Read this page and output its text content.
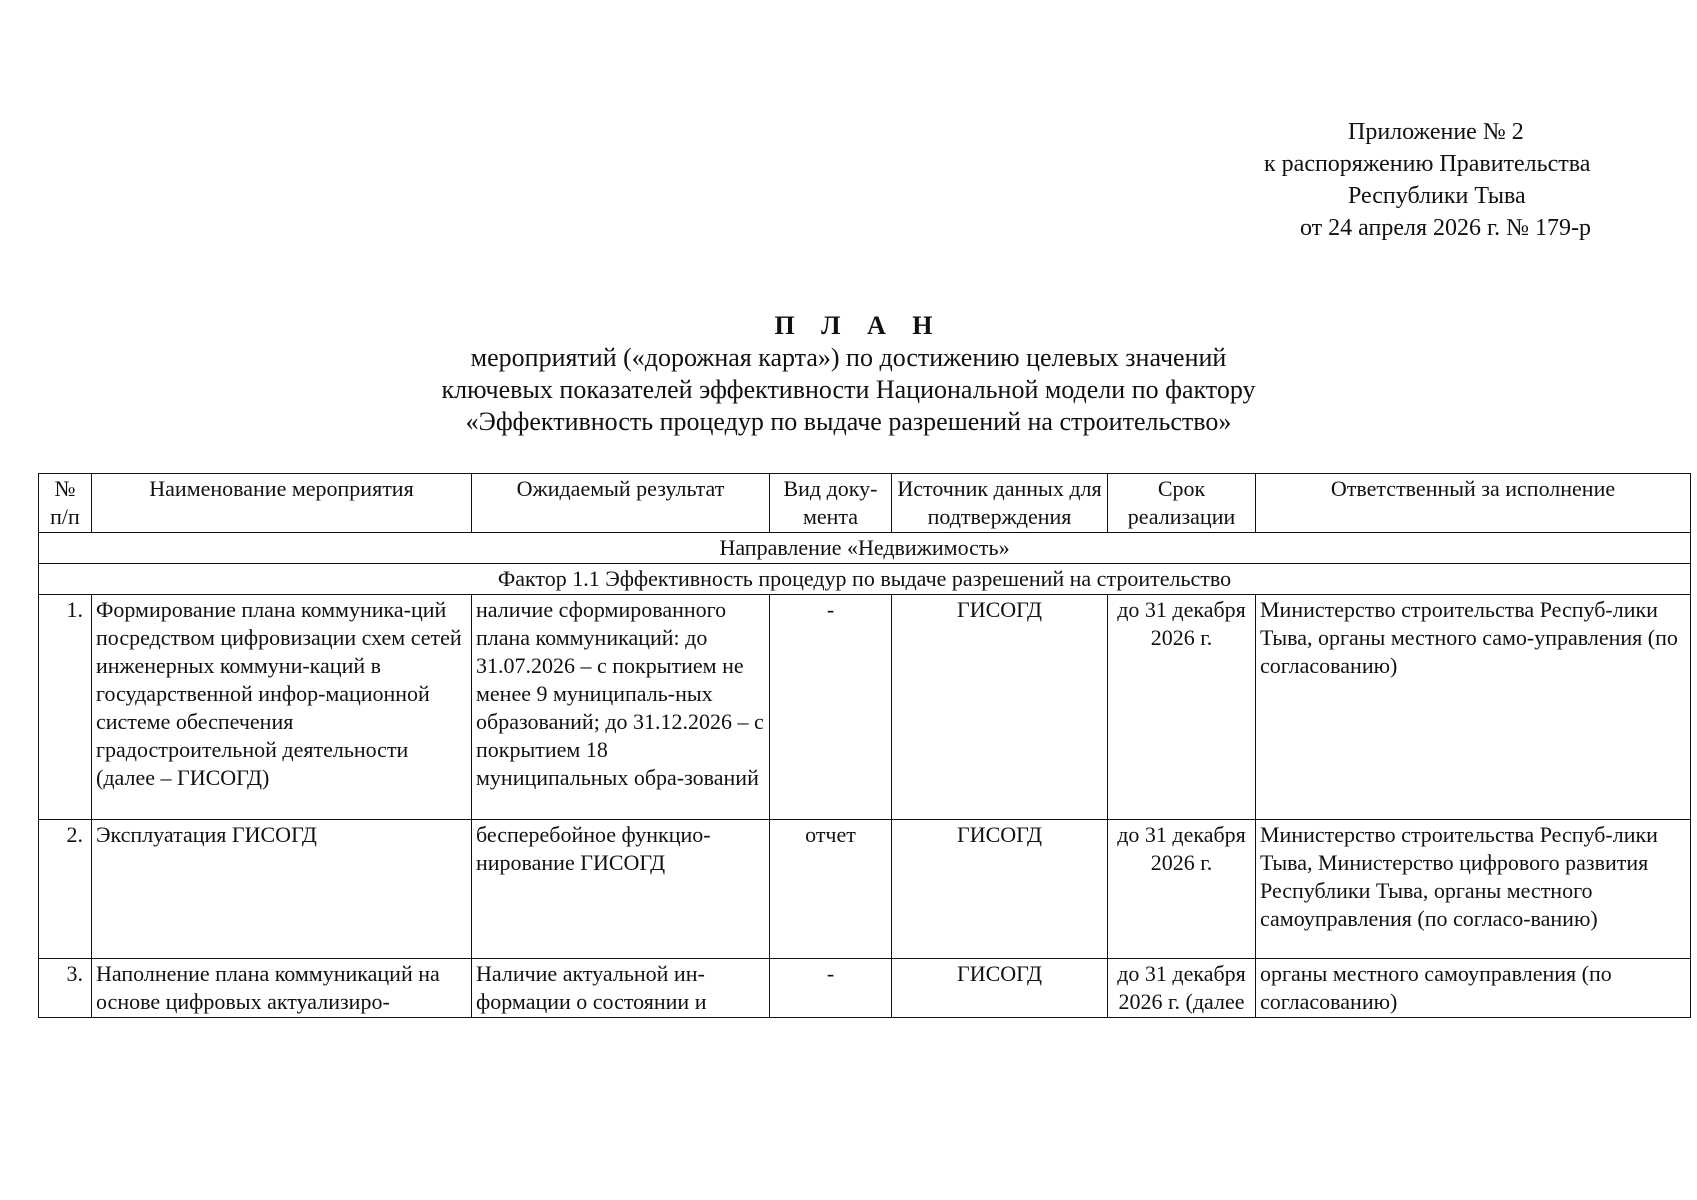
Приложение № 2
к распоряжению Правительства
Республики Тыва
от 24 апреля 2026 г. № 179-р
П Л А Н
мероприятий («дорожная карта») по достижению целевых значений
ключевых показателей эффективности Национальной модели по фактору
«Эффективность процедур по выдаче разрешений на строительство»
№ п/п	Наименование мероприятия	Ожидаемый результат	Вид доку-мента	Источник данных для подтверждения	Срок реализации	Ответственный за исполнение
Направление «Недвижимость»						
Фактор 1.1 Эффективность процедур по выдаче разрешений на строительство						
1.	Формирование плана коммуника-ций посредством цифровизации схем сетей инженерных коммуни-каций в государственной инфор-мационной системе обеспечения градостроительной деятельности (далее – ГИСОГД)	наличие сформированного плана коммуникаций: до 31.07.2026 – с покрытием не менее 9 муниципаль-ных образований; до 31.12.2026 – с покрытием 18 муниципальных обра-зований	-	ГИСОГД	до 31 декабря 2026 г.	Министерство строительства Респуб-лики Тыва, органы местного само-управления (по согласованию)
2.	Эксплуатация ГИСОГД	бесперебойное функцио-нирование ГИСОГД	отчет	ГИСОГД	до 31 декабря 2026 г.	Министерство строительства Респуб-лики Тыва, Министерство цифрового развития Республики Тыва, органы местного самоуправления (по согласо-ванию)
3.	Наполнение плана коммуникаций на основе цифровых актуализиро-	Наличие актуальной ин-формации о состоянии и	-	ГИСОГД	до 31 декабря 2026 г. (далее	органы местного самоуправления (по согласованию)
